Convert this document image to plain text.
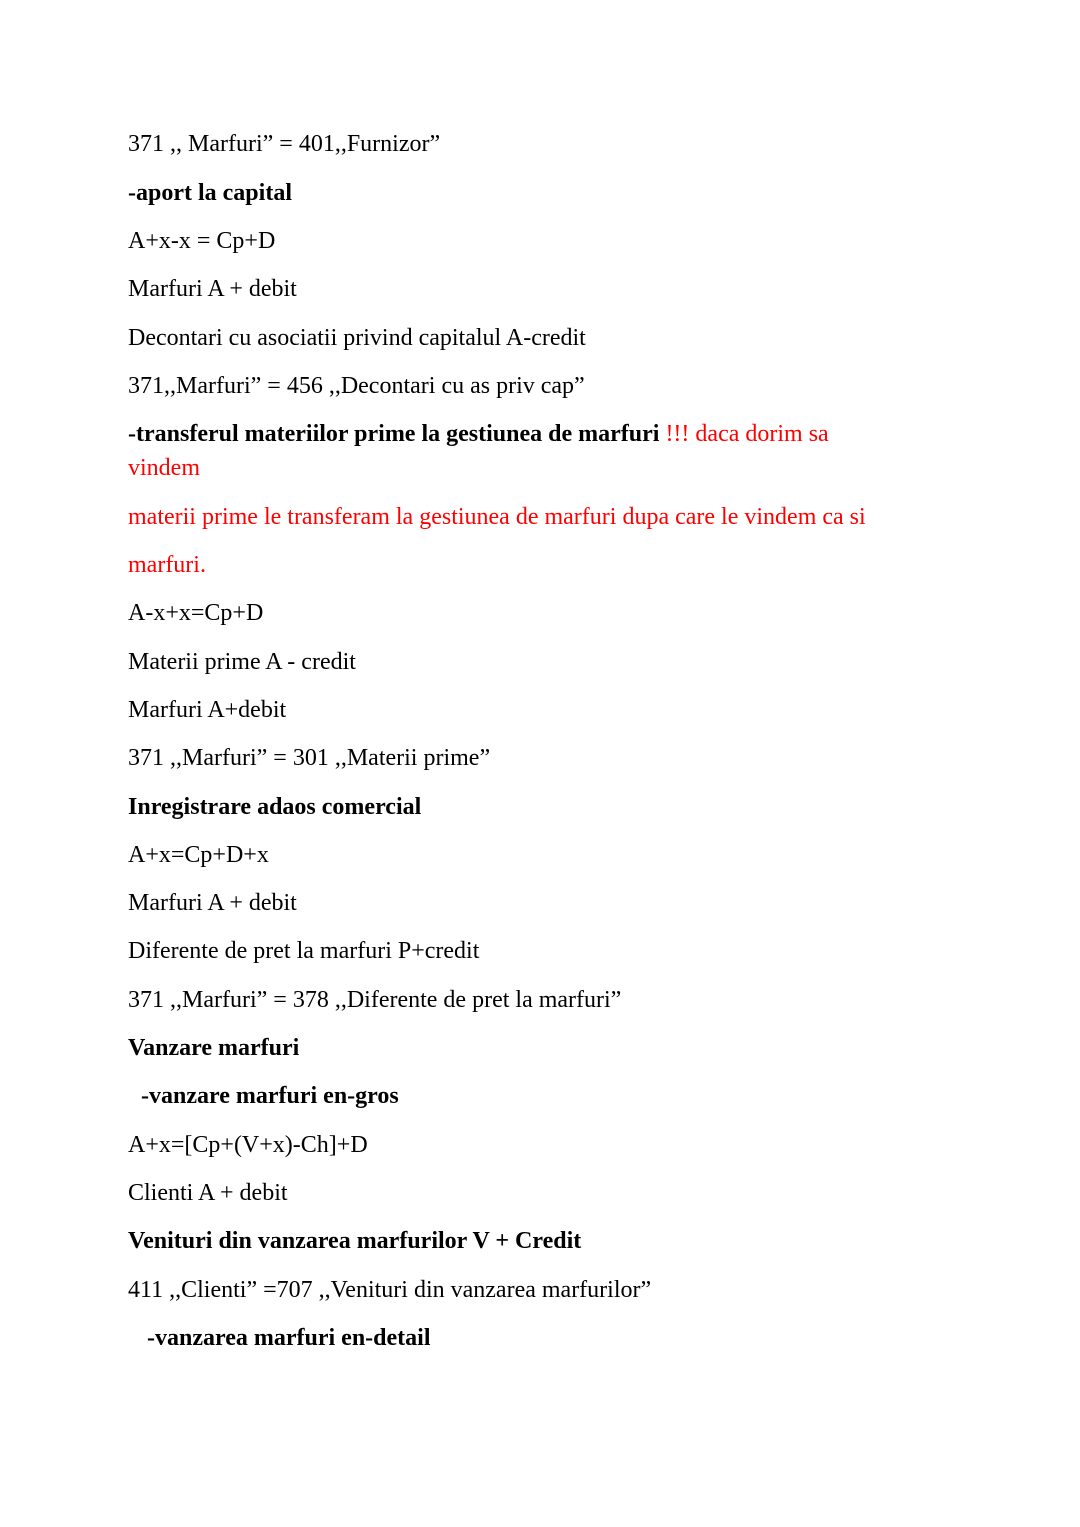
371 ,, Marfuri” = 401,,Furnizor”
-aport la capital
A+x-x = Cp+D
Marfuri A + debit
Decontari cu asociatii privind capitalul A-credit
371,,Marfuri” = 456 ,,Decontari cu as priv cap”
-transferul materiilor prime la gestiunea de marfuri !!! daca dorim sa
vindem
materii prime le transferam la gestiunea de marfuri dupa care le vindem ca si
marfuri.
A-x+x=Cp+D
Materii prime A - credit
Marfuri A+debit
371 ,,Marfuri” = 301 ,,Materii prime”
Inregistrare adaos comercial
A+x=Cp+D+x
Marfuri A + debit
Diferente de pret la marfuri P+credit
371 ,,Marfuri” = 378 ,,Diferente de pret la marfuri”
Vanzare marfuri
-vanzare marfuri en-gros
A+x=[Cp+(V+x)-Ch]+D
Clienti A + debit
Venituri din vanzarea marfurilor V + Credit
411 ,,Clienti” =707 ,,Venituri din vanzarea marfurilor”
-vanzarea marfuri en-detail
